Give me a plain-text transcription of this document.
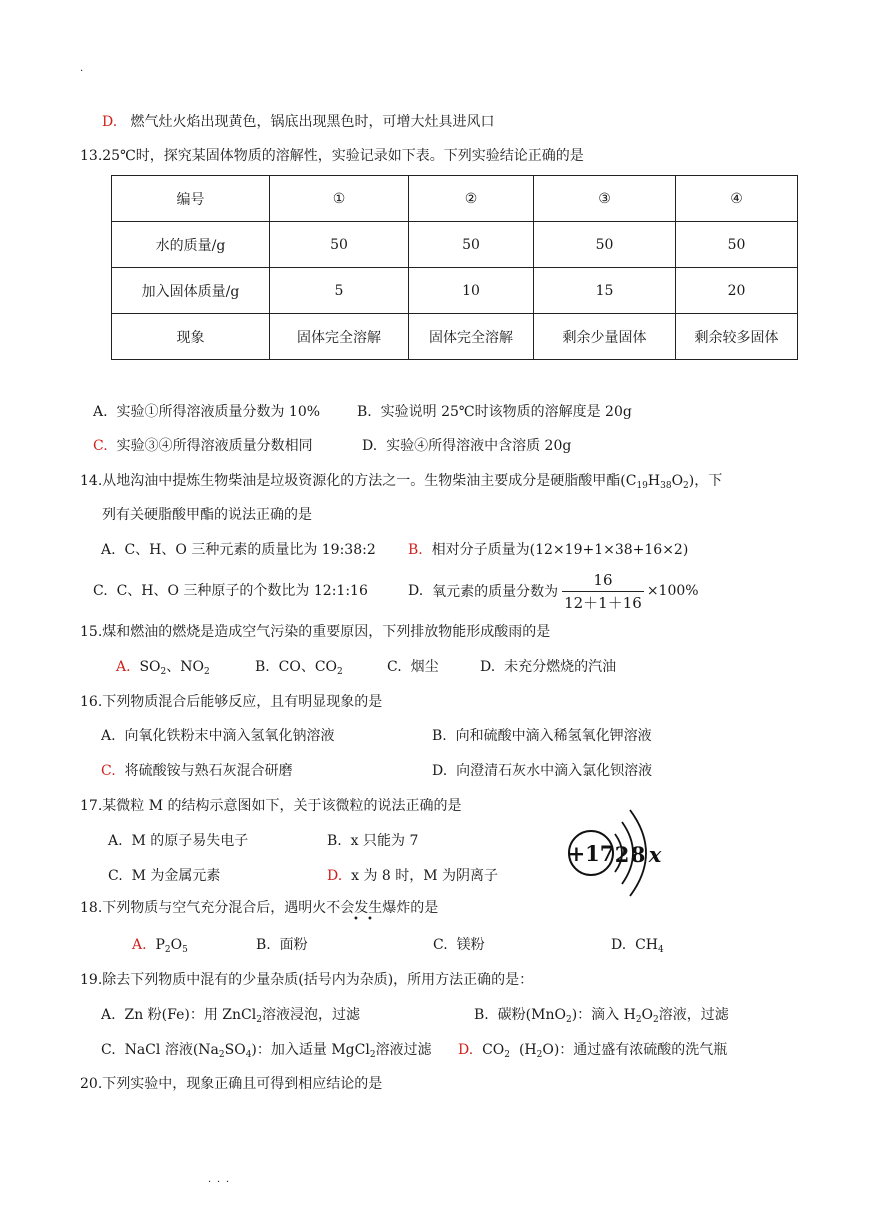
·
D. 燃气灶火焰出现黄色，锅底出现黑色时，可增大灶具进风口
13.25℃时，探究某固体物质的溶解性，实验记录如下表。下列实验结论正确的是
编号	①	②	③	④
水的质量/g	50	50	50	50
加入固体质量/g	5	10	15	20
现象	固体完全溶解	固体完全溶解	剩余少量固体	剩余较多固体
A. 实验①所得溶液质量分数为 10%	B. 实验说明 25℃时该物质的溶解度是 20g
C. 实验③④所得溶液质量分数相同	D. 实验④所得溶液中含溶质 20g
14.从地沟油中提炼生物柴油是垃圾资源化的方法之一。生物柴油主要成分是硬脂酸甲酯$(C_{19}H_{38}O_2)$，下
列有关硬脂酸甲酯的说法正确的是
A. C、H、O 三种元素的质量比为 19:38:2 B. 相对分子质量为(12×19+1×38+16×2)
C. C、H、O 三种原子的个数比为 12:1:16	D.
氧元素的质量分数为 $\frac{16}{12+1+16} \times 100\%$
15.煤和燃油的燃烧是造成空气污染的重要原因，下列排放物能形成酸雨的是
A. $SO_2$、$NO_2$	B. CO、$CO_2$	C. 烟尘	D. 未充分燃烧的汽油
16.下列物质混合后能够反应，且有明显现象的是
A. 向氧化铁粉末中滴入氢氧化钠溶液	B. 向和硫酸中滴入稀氢氧化钾溶液
C. 将硫酸铵与熟石灰混合研磨	D. 向澄清石灰水中滴入氯化钡溶液
17.某微粒 M 的结构示意图如下，关于该微粒的说法正确的是
A. M 的原子易失电子	B. x 只能为 7
C. M 为金属元素	D. x 为 8 时，M 为阴离子
+17 2 8 x
18.下列物质与空气充分混合后，遇明火不会发生爆炸的是
• •
A. $P_2O_5$	B. 面粉	C. 镁粉	D. $CH_4$
19.除去下列物质中混有的少量杂质(括号内为杂质)，所用方法正确的是：
A. Zn 粉(Fe)：用 ZnCl$_2$溶液浸泡，过滤	B. 碳粉(MnO$_2$)：滴入 $H_2O_2$溶液，过滤
C. NaCl 溶液$(Na_2SO_4)$：加入适量 MgCl$_2$溶液过滤 D. $CO_2$ $(H_2O)$：通过盛有浓硫酸的洗气瓶
20.下列实验中，现象正确且可得到相应结论的是
．．．
